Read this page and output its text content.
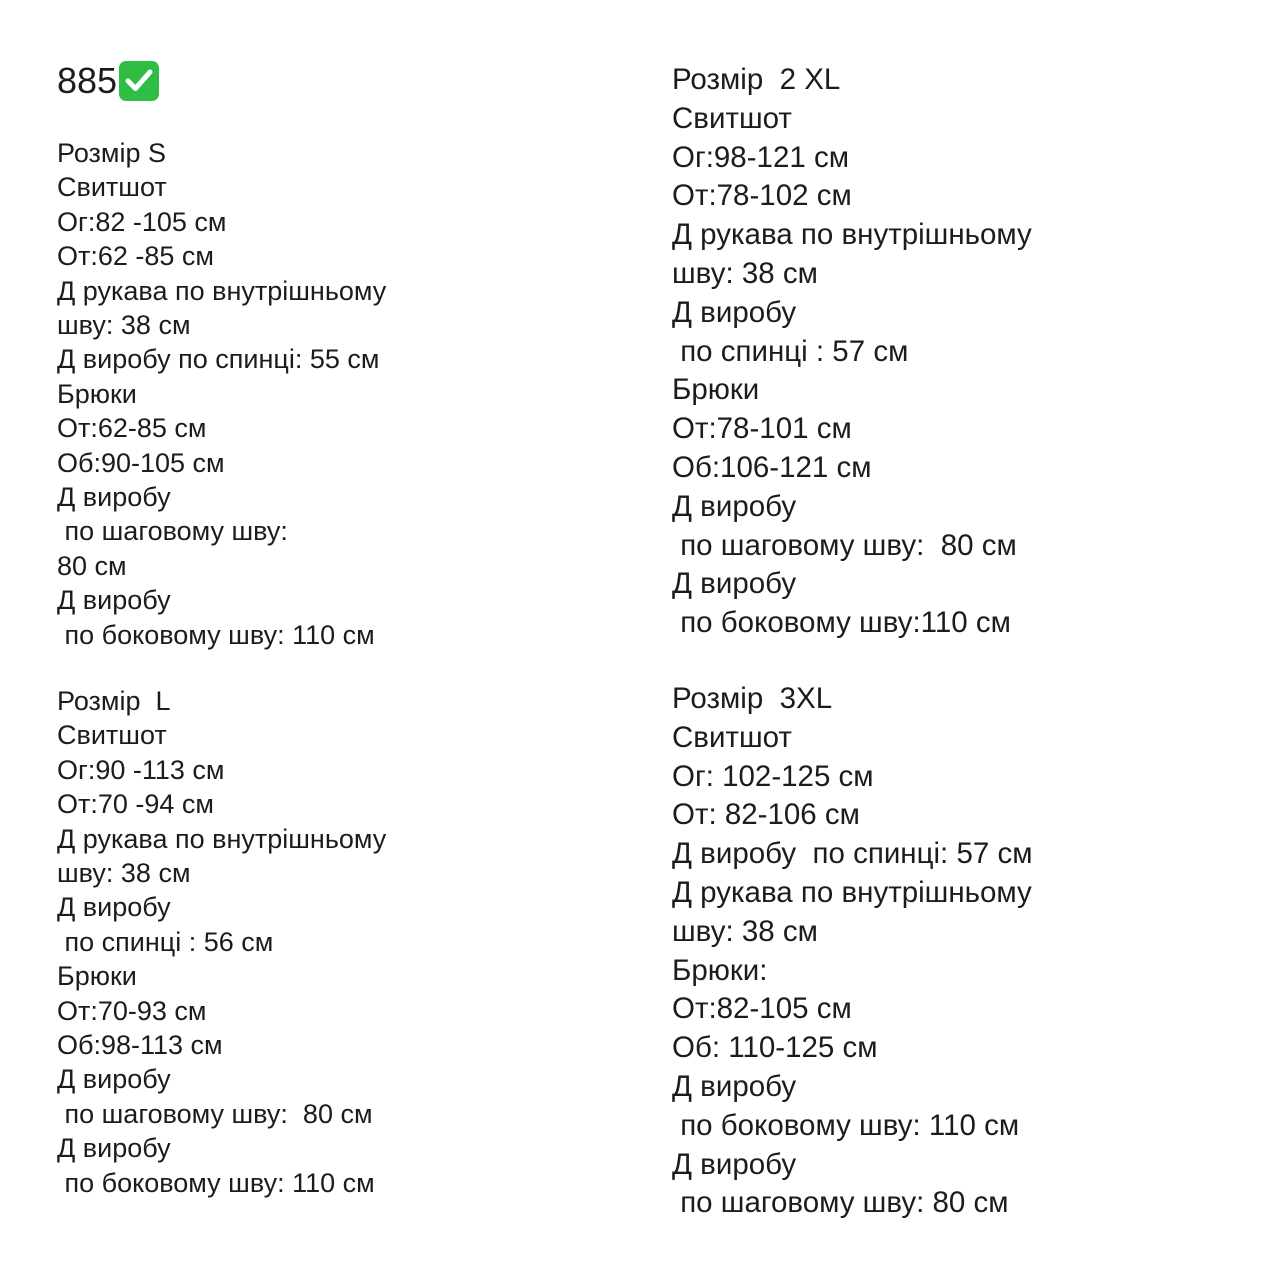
885
Розмір S
Свитшот
Ог:82 -105 см
От:62 -85 см
Д рукава по внутрішньому
шву: 38 см
Д виробу по спинці: 55 см
Брюки
От:62-85 см
Об:90-105 см
Д виробу
по шаговому шву:
80 см
Д виробу
по боковому шву: 110 см
Розмір  L
Свитшот
Ог:90 -113 см
От:70 -94 см
Д рукава по внутрішньому
шву: 38 см
Д виробу
по спинці : 56 см
Брюки
От:70-93 см
Об:98-113 см
Д виробу
по шаговому шву:  80 см
Д виробу
по боковому шву: 110 см
Розмір  2 XL
Свитшот
Ог:98-121 см
От:78-102 см
Д рукава по внутрішньому
шву: 38 см
Д виробу
по спинці : 57 см
Брюки
От:78-101 см
Об:106-121 см
Д виробу
по шаговому шву:  80 см
Д виробу
по боковому шву:110 см
Розмір  3XL
Свитшот
Ог: 102-125 см
От: 82-106 см
Д виробу  по спинці: 57 см
Д рукава по внутрішньому
шву: 38 см
Брюки:
От:82-105 см
Об: 110-125 см
Д виробу
по боковому шву: 110 см
Д виробу
по шаговому шву: 80 см
